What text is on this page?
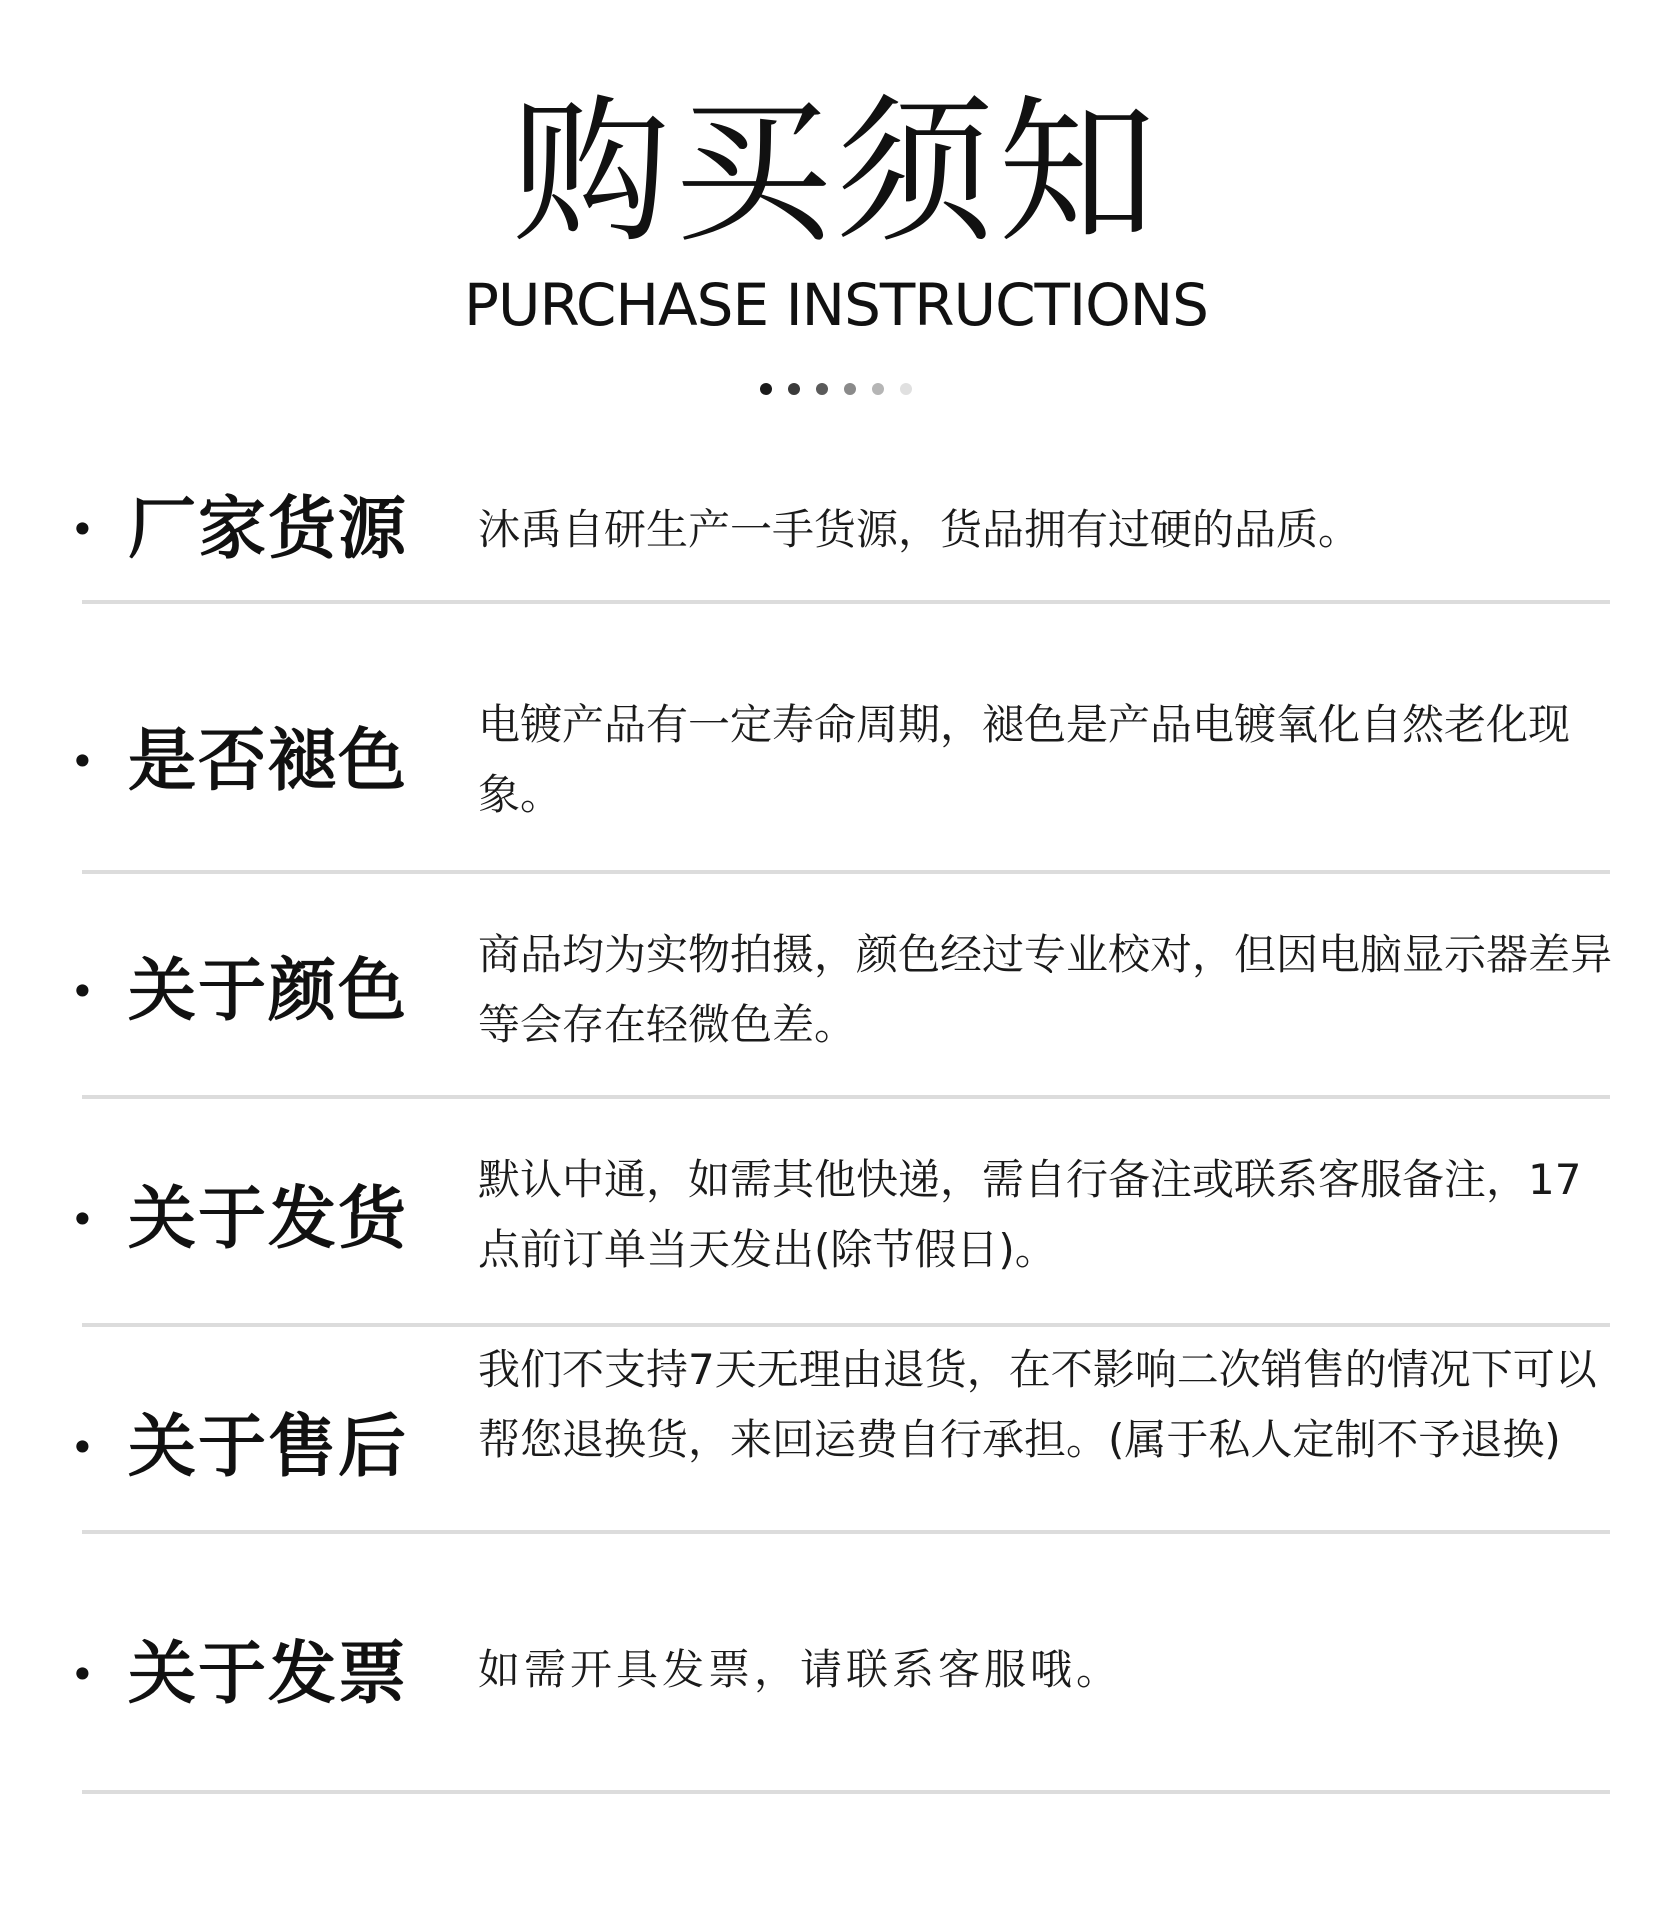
购买须知
PURCHASE INSTRUCTIONS
• 厂家货源 沐禹自研生产一手货源，货品拥有过硬的品质。
• 是否褪色 电镀产品有一定寿命周期，褪色是产品电镀氧化自然老化现象。
• 关于颜色 商品均为实物拍摄，颜色经过专业校对，但因电脑显示器差异等会存在轻微色差。
• 关于发货
默认中通，如需其他快递，需自行备注或联系客服备注，17点前订单当天发出(除节假日)。
• 关于售后
我们不支持7天无理由退货，在不影响二次销售的情况下可以帮您退换货，来回运费自行承担。(属于私人定制不予退换)
• 关于发票 如需开具发票，请联系客服哦。
